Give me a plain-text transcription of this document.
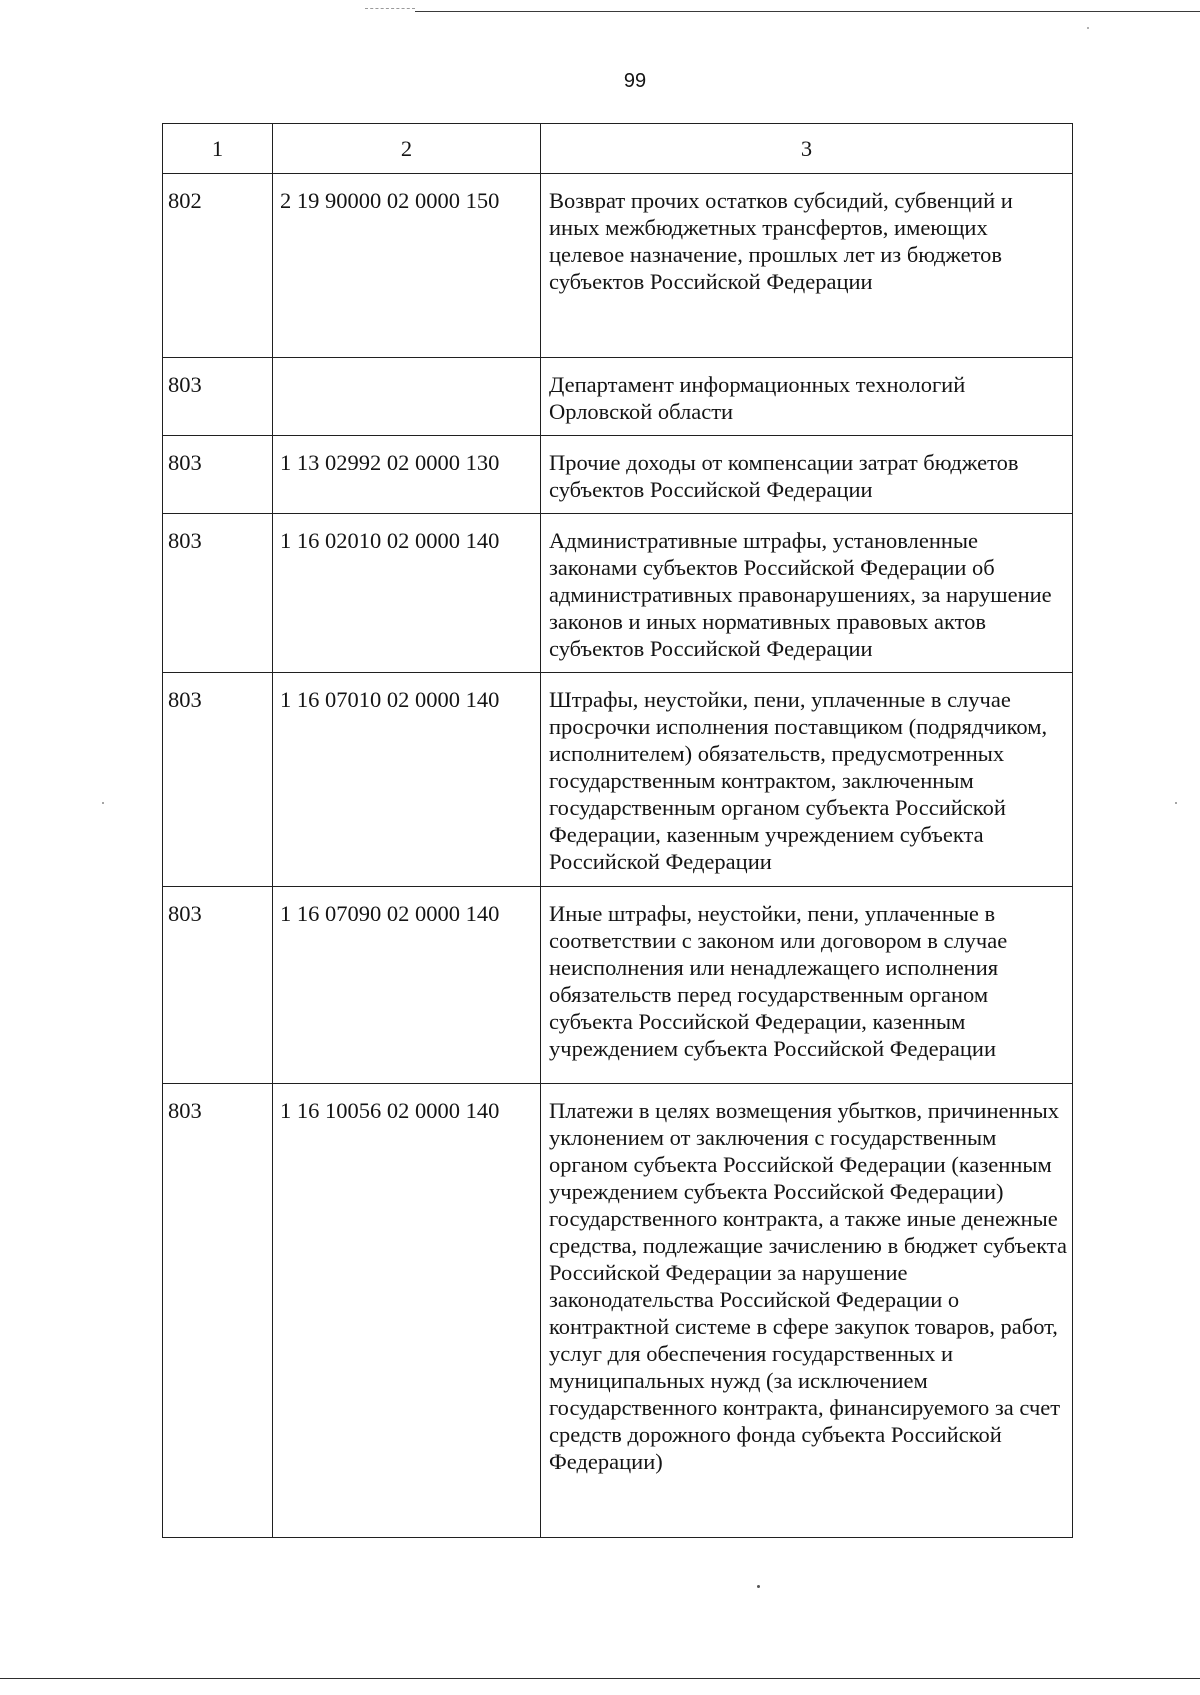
99
1	2	3
802	2 19 90000 02 0000 150	Возврат прочих остатков субсидий, субвенций и иных межбюджетных трансфертов, имеющих целевое назначение, прошлых лет из бюджетов субъектов Российской Федерации
803		Департамент информационных технологий Орловской области
803	1 13 02992 02 0000 130	Прочие доходы от компенсации затрат бюджетов субъектов Российской Федерации
803	1 16 02010 02 0000 140	Административные штрафы, установленные законами субъектов Российской Федерации об административных правонарушениях, за нарушение законов и иных нормативных правовых актов субъектов Российской Федерации
803	1 16 07010 02 0000 140	Штрафы, неустойки, пени, уплаченные в случае просрочки исполнения поставщиком (подрядчиком, исполнителем) обязательств, предусмотренных государственным контрактом, заключенным государственным органом субъекта Российской Федерации, казенным учреждением субъекта Российской Федерации
803	1 16 07090 02 0000 140	Иные штрафы, неустойки, пени, уплаченные в соответствии с законом или договором в случае неисполнения или ненадлежащего исполнения обязательств перед государственным органом субъекта Российской Федерации, казенным учреждением субъекта Российской Федерации
803	1 16 10056 02 0000 140	Платежи в целях возмещения убытков, причиненных уклонением от заключения с государственным органом субъекта Российской Федерации (казенным учреждением субъекта Российской Федерации) государственного контракта, а также иные денежные средства, подлежащие зачислению в бюджет субъекта Российской Федерации за нарушение законодательства Российской Федерации о контрактной системе в сфере закупок товаров, работ, услуг для обеспечения государственных и муниципальных нужд (за исключением государственного контракта, финансируемого за счет средств дорожного фонда субъекта Российской Федерации)
